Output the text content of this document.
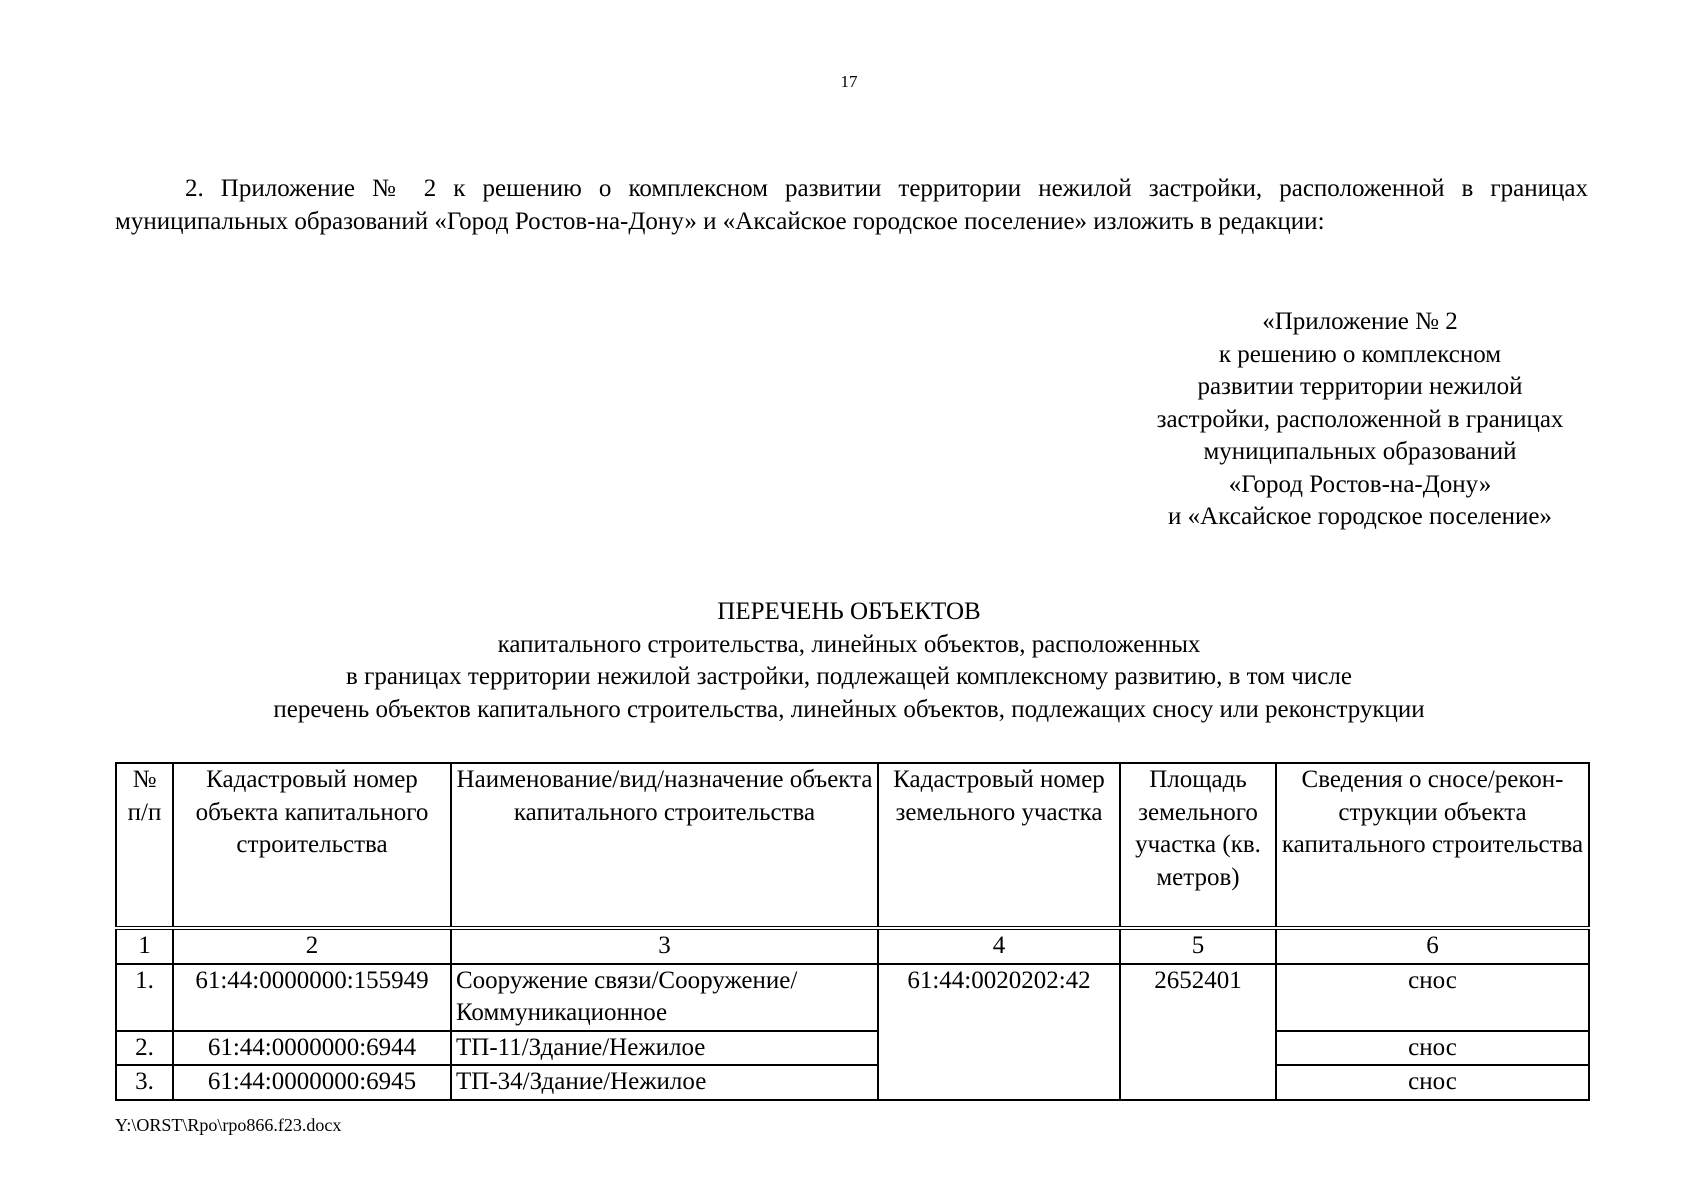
17
2. Приложение № 2 к решению о комплексном развитии территории нежилой застройки, расположенной в границах муниципальных образований «Город Ростов-на-Дону» и «Аксайское городское поселение» изложить в редакции:
«Приложение № 2
к решению о комплексном
развитии территории нежилой
застройки, расположенной в границах
муниципальных образований
«Город Ростов-на-Дону»
и «Аксайское городское поселение»
ПЕРЕЧЕНЬ ОБЪЕКТОВ
капитального строительства, линейных объектов, расположенных
в границах территории нежилой застройки, подлежащей комплексному развитию, в том числе
перечень объектов капитального строительства, линейных объектов, подлежащих сносу или реконструкции
№ п/п	Кадастровый номер объекта капитального строительства	Наименование/вид/назначение объекта капитального строительства	Кадастровый номер земельного участка	Площадь земельного участка (кв. метров)	Сведения о сносе/рекон-струкции объекта капитального строительства
1	2	3	4	5	6
1.	61:44:0000000:155949	Сооружение связи/Сооружение/Коммуникационное	61:44:0020202:42	2652401	снос
2.	61:44:0000000:6944	ТП-11/Здание/Нежилое			снос
3.	61:44:0000000:6945	ТП-34/Здание/Нежилое			снос
Y:\ORST\Rpo\rpo866.f23.docx
